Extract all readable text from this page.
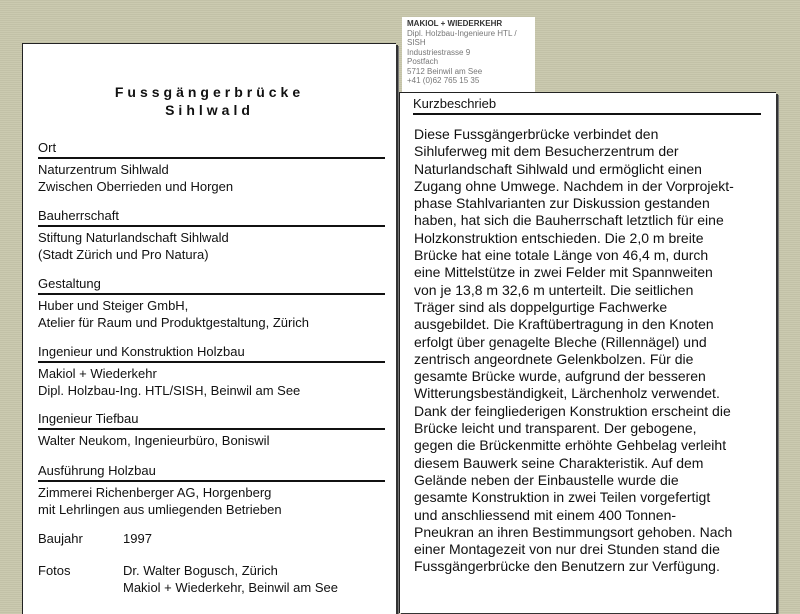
Fussgängerbrücke
Sihlwald
Ort
Naturzentrum Sihlwald
Zwischen Oberrieden und Horgen
Bauherrschaft
Stiftung Naturlandschaft Sihlwald
(Stadt Zürich und Pro Natura)
Gestaltung
Huber und Steiger GmbH,
Atelier für Raum und Produktgestaltung, Zürich
Ingenieur und Konstruktion Holzbau
Makiol + Wiederkehr
Dipl. Holzbau-Ing. HTL/SISH, Beinwil am See
Ingenieur Tiefbau
Walter Neukom, Ingenieurbüro, Boniswil
Ausführung Holzbau
Zimmerei Richenberger AG, Horgenberg
mit Lehrlingen aus umliegenden Betrieben
Baujahr	1997
Fotos	Dr. Walter Bogusch, Zürich
Makiol + Wiederkehr, Beinwil am See
MAKIOL + WIEDERKEHR
Dipl. Holzbau-Ingenieure HTL /
SISH
Industriestrasse 9
Postfach
5712 Beinwil am See
+41 (0)62 765 15 35
Kurzbeschrieb
Diese Fussgängerbrücke verbindet den
Sihluferweg mit dem Besucherzentrum der
Naturlandschaft Sihlwald und ermöglicht einen
Zugang ohne Umwege. Nachdem in der Vorprojekt-
phase Stahlvarianten zur Diskussion gestanden
haben, hat sich die Bauherrschaft letztlich für eine
Holzkonstruktion entschieden. Die 2,0 m breite
Brücke hat eine totale Länge von 46,4 m, durch
eine Mittelstütze in zwei Felder mit Spannweiten
von je 13,8 m 32,6 m unterteilt. Die seitlichen
Träger sind als doppelgurtige Fachwerke
ausgebildet. Die Kraftübertragung in den Knoten
erfolgt über genagelte Bleche (Rillennägel) und
zentrisch angeordnete Gelenkbolzen. Für die
gesamte Brücke wurde, aufgrund der besseren
Witterungsbeständigkeit, Lärchenholz verwendet.
Dank der feingliederigen Konstruktion erscheint die
Brücke leicht und transparent. Der gebogene,
gegen die Brückenmitte erhöhte Gehbelag verleiht
diesem Bauwerk seine Charakteristik. Auf dem
Gelände neben der Einbaustelle wurde die
gesamte Konstruktion in zwei Teilen vorgefertigt
und anschliessend mit einem 400 Tonnen-
Pneukran an ihren Bestimmungsort gehoben. Nach
einer Montagezeit von nur drei Stunden stand die
Fussgängerbrücke den Benutzern zur Verfügung.
